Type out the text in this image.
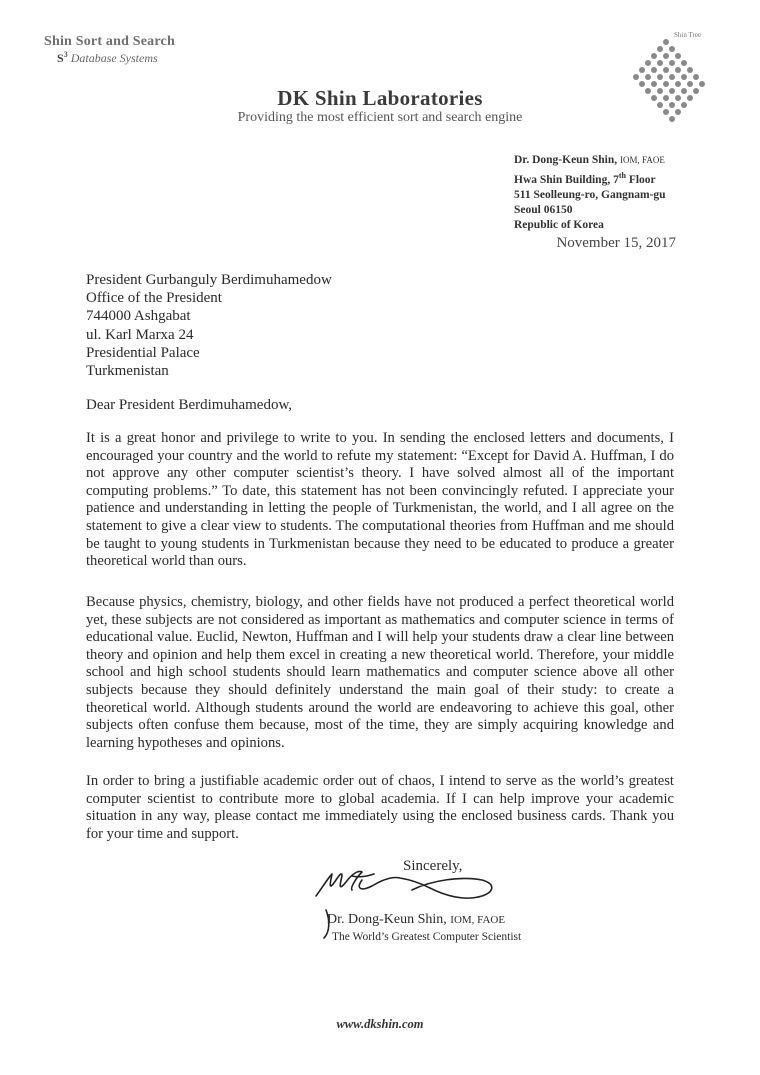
Shin Sort and Search
$S^3$ Database Systems
Shin Tree
DK Shin Laboratories
Providing the most efficient sort and search engine
Dr. Dong-Keun Shin, IOM, FAOE
Hwa Shin Building, 7th Floor
511 Seolleung-ro, Gangnam-gu
Seoul 06150
Republic of Korea
November 15, 2017
President Gurbanguly Berdimuhamedow
Office of the President
744000 Ashgabat
ul. Karl Marxa 24
Presidential Palace
Turkmenistan
Dear President Berdimuhamedow,
It is a great honor and privilege to write to you. In sending the enclosed letters and documents, I encouraged your country and the world to refute my statement: “Except for David A. Huffman, I do not approve any other computer scientist’s theory. I have solved almost all of the important computing problems.” To date, this statement has not been convincingly refuted. I appreciate your patience and understanding in letting the people of Turkmenistan, the world, and I all agree on the statement to give a clear view to students. The computational theories from Huffman and me should be taught to young students in Turkmenistan because they need to be educated to produce a greater theoretical world than ours.
Because physics, chemistry, biology, and other fields have not produced a perfect theoretical world yet, these subjects are not considered as important as mathematics and computer science in terms of educational value. Euclid, Newton, Huffman and I will help your students draw a clear line between theory and opinion and help them excel in creating a new theoretical world. Therefore, your middle school and high school students should learn mathematics and computer science above all other subjects because they should definitely understand the main goal of their study: to create a theoretical world. Although students around the world are endeavoring to achieve this goal, other subjects often confuse them because, most of the time, they are simply acquiring knowledge and learning hypotheses and opinions.
In order to bring a justifiable academic order out of chaos, I intend to serve as the world’s greatest computer scientist to contribute more to global academia. If I can help improve your academic situation in any way, please contact me immediately using the enclosed business cards. Thank you for your time and support.
Sincerely,
Dr. Dong-Keun Shin, IOM, FAOE
The World’s Greatest Computer Scientist
www.dkshin.com
